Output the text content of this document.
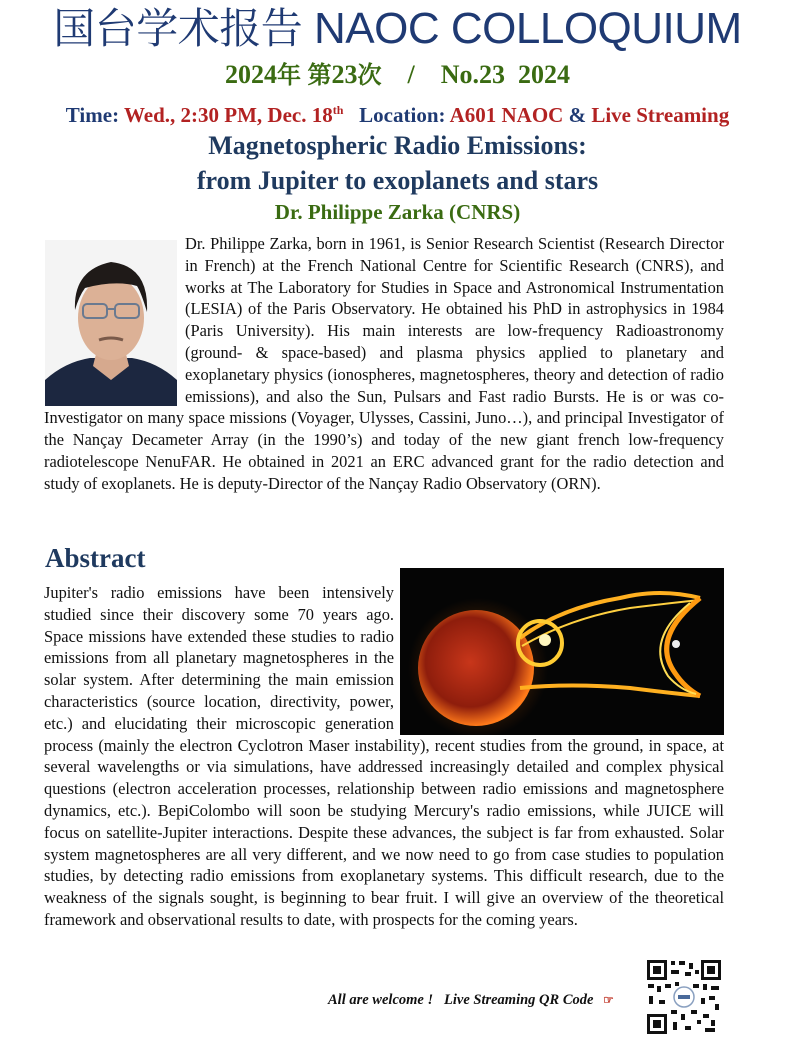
国台学术报告 NAOC COLLOQUIUM
2024年 第23次 / No.23  2024
Time: Wed., 2:30 PM, Dec. 18th Location: A601 NAOC & Live Streaming
Magnetospheric Radio Emissions:
from Jupiter to exoplanets and stars
Dr. Philippe Zarka (CNRS)
Dr. Philippe Zarka, born in 1961, is Senior Research Scientist (Research Director in French) at the French National Centre for Scientific Research (CNRS), and works at The Laboratory for Studies in Space and Astronomical Instrumentation (LESIA) of the Paris Observatory. He obtained his PhD in astrophysics in 1984 (Paris University). His main interests are low-frequency Radioastronomy (ground- & space-based) and plasma physics applied to planetary and exoplanetary physics (ionospheres, magnetospheres, theory and detection of radio emissions), and also the Sun, Pulsars and Fast radio Bursts. He is or was co-Investigator on many space missions (Voyager, Ulysses, Cassini, Juno…), and principal Investigator of the Nançay Decameter Array (in the 1990’s) and today of the new giant french low-frequency radiotelescope NenuFAR. He obtained in 2021 an ERC advanced grant for the radio detection and study of exoplanets. He is deputy-Director of the Nançay Radio Observatory (ORN).
Abstract
Jupiter's radio emissions have been intensively studied since their discovery some 70 years ago. Space missions have extended these studies to radio emissions from all planetary magnetospheres in the solar system. After determining the main emission characteristics (source location, directivity, power, etc.) and elucidating their microscopic generation process (mainly the electron Cyclotron Maser instability), recent studies from the ground, in space, at several wavelengths or via simulations, have addressed increasingly detailed and complex physical questions (electron acceleration processes, relationship between radio emissions and magnetosphere dynamics, etc.). BepiColombo will soon be studying Mercury's radio emissions, while JUICE will focus on satellite-Jupiter interactions. Despite these advances, the subject is far from exhausted. Solar system magnetospheres are all very different, and we now need to go from case studies to population studies, by detecting radio emissions from exoplanetary systems. This difficult research, due to the weakness of the signals sought, is beginning to bear fruit. I will give an overview of the theoretical framework and observational results to date, with prospects for the coming years.
All are welcome ! Live Streaming QR Code ☞
